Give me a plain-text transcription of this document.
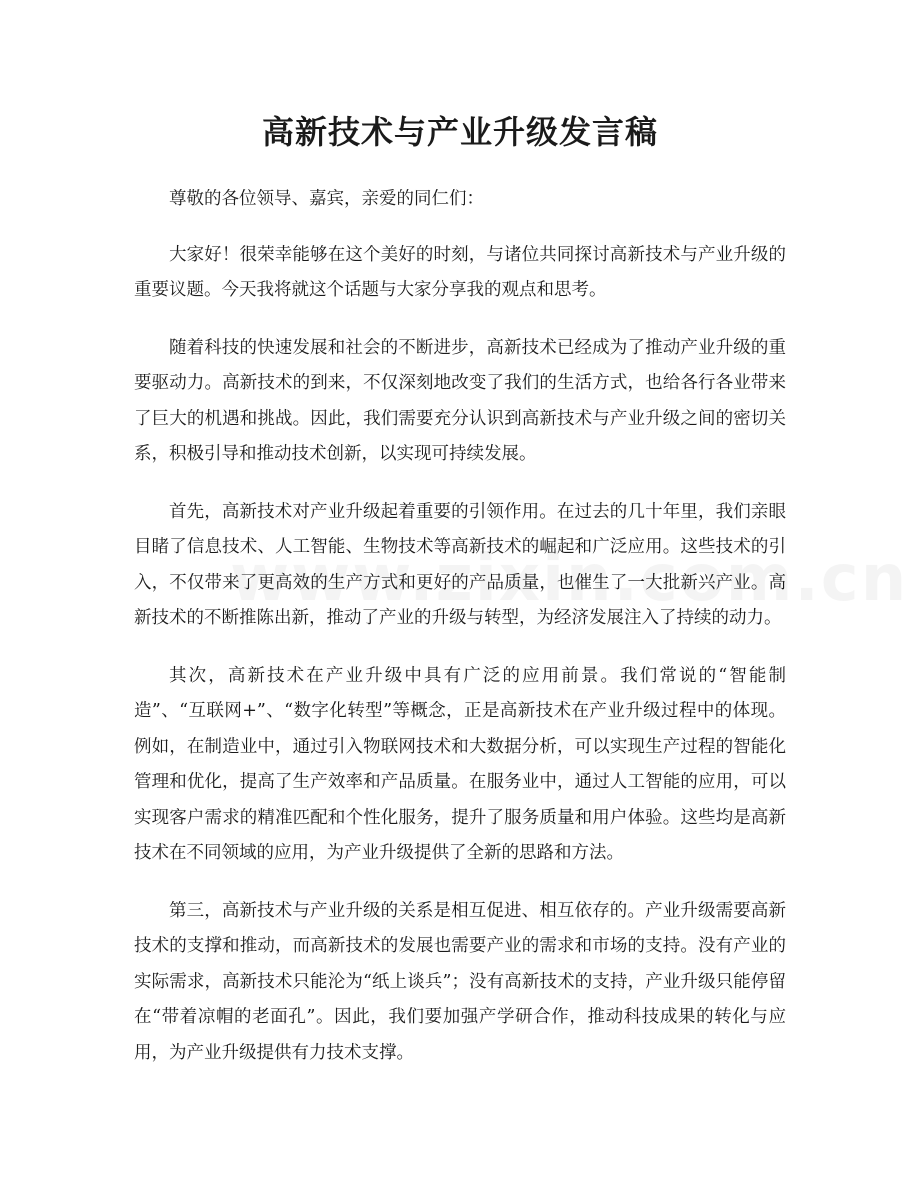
高新技术与产业升级发言稿

尊敬的各位领导、嘉宾，亲爱的同仁们：

大家好！很荣幸能够在这个美好的时刻，与诸位共同探讨高新技术与产业升级的重要议题。今天我将就这个话题与大家分享我的观点和思考。

随着科技的快速发展和社会的不断进步，高新技术已经成为了推动产业升级的重要驱动力。高新技术的到来，不仅深刻地改变了我们的生活方式，也给各行各业带来了巨大的机遇和挑战。因此，我们需要充分认识到高新技术与产业升级之间的密切关系，积极引导和推动技术创新，以实现可持续发展。

首先，高新技术对产业升级起着重要的引领作用。在过去的几十年里，我们亲眼目睹了信息技术、人工智能、生物技术等高新技术的崛起和广泛应用。这些技术的引入，不仅带来了更高效的生产方式和更好的产品质量，也催生了一大批新兴产业。高新技术的不断推陈出新，推动了产业的升级与转型，为经济发展注入了持续的动力。

其次，高新技术在产业升级中具有广泛的应用前景。我们常说的“智能制造”、“互联网+”、“数字化转型”等概念，正是高新技术在产业升级过程中的体现。例如，在制造业中，通过引入物联网技术和大数据分析，可以实现生产过程的智能化管理和优化，提高了生产效率和产品质量。在服务业中，通过人工智能的应用，可以实现客户需求的精准匹配和个性化服务，提升了服务质量和用户体验。这些均是高新技术在不同领域的应用，为产业升级提供了全新的思路和方法。

第三，高新技术与产业升级的关系是相互促进、相互依存的。产业升级需要高新技术的支撑和推动，而高新技术的发展也需要产业的需求和市场的支持。没有产业的实际需求，高新技术只能沦为“纸上谈兵”；没有高新技术的支持，产业升级只能停留在“带着凉帽的老面孔”。因此，我们要加强产学研合作，推动科技成果的转化与应用，为产业升级提供有力技术支撑。
